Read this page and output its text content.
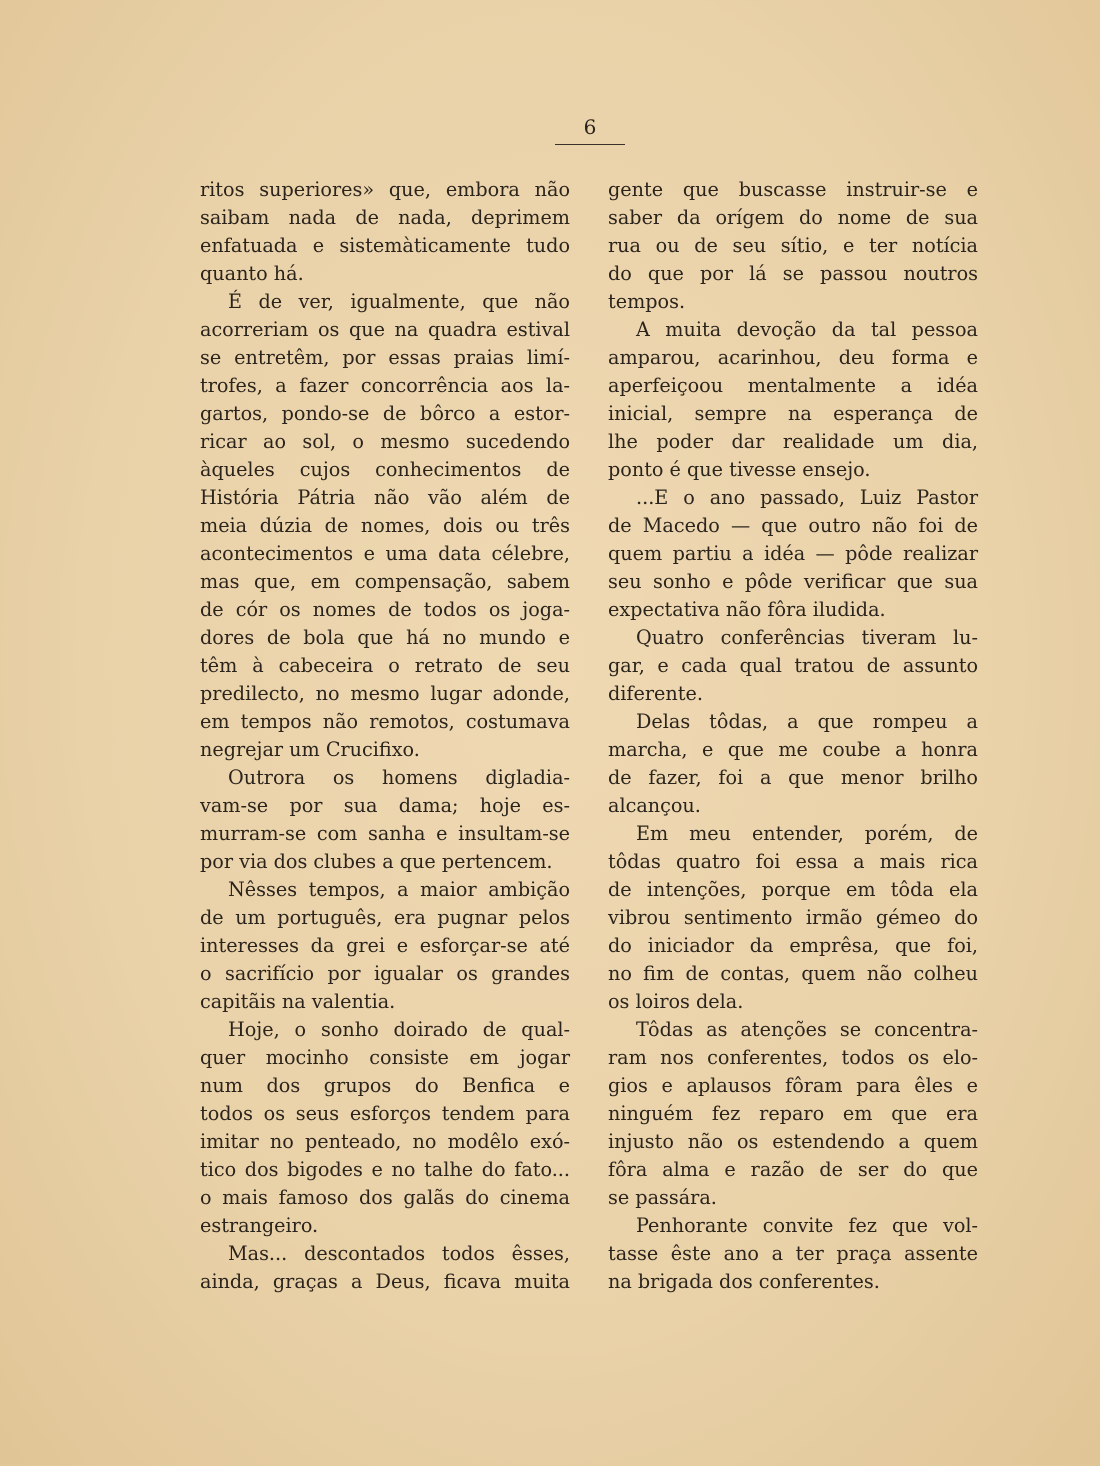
6
ritos superiores» que, embora não
saibam nada de nada, deprimem
enfatuada e sistemàticamente tudo
quanto há.
É de ver, igualmente, que não
acorreriam os que na quadra estival
se entretêm, por essas praias limí-
trofes, a fazer concorrência aos la-
gartos, pondo-se de bôrco a estor-
ricar ao sol, o mesmo sucedendo
àqueles cujos conhecimentos de
História Pátria não vão além de
meia dúzia de nomes, dois ou três
acontecimentos e uma data célebre,
mas que, em compensação, sabem
de cór os nomes de todos os joga-
dores de bola que há no mundo e
têm à cabeceira o retrato de seu
predilecto, no mesmo lugar adonde,
em tempos não remotos, costumava
negrejar um Crucifixo.
Outrora os homens digladia-
vam-se por sua dama; hoje es-
murram-se com sanha e insultam-se
por via dos clubes a que pertencem.
Nêsses tempos, a maior ambição
de um português, era pugnar pelos
interesses da grei e esforçar-se até
o sacrifício por igualar os grandes
capitãis na valentia.
Hoje, o sonho doirado de qual-
quer mocinho consiste em jogar
num dos grupos do Benfica e
todos os seus esforços tendem para
imitar no penteado, no modêlo exó-
tico dos bigodes e no talhe do fato...
o mais famoso dos galãs do cinema
estrangeiro.
Mas... descontados todos êsses,
ainda, graças a Deus, ficava muita
gente que buscasse instruir-se e
saber da orígem do nome de sua
rua ou de seu sítio, e ter notícia
do que por lá se passou noutros
tempos.
A muita devoção da tal pessoa
amparou, acarinhou, deu forma e
aperfeiçoou mentalmente a idéa
inicial, sempre na esperança de
lhe poder dar realidade um dia,
ponto é que tivesse ensejo.
...E o ano passado, Luiz Pastor
de Macedo — que outro não foi de
quem partiu a idéa — pôde realizar
seu sonho e pôde verificar que sua
expectativa não fôra iludida.
Quatro conferências tiveram lu-
gar, e cada qual tratou de assunto
diferente.
Delas tôdas, a que rompeu a
marcha, e que me coube a honra
de fazer, foi a que menor brilho
alcançou.
Em meu entender, porém, de
tôdas quatro foi essa a mais rica
de intenções, porque em tôda ela
vibrou sentimento irmão gémeo do
do iniciador da emprêsa, que foi,
no fim de contas, quem não colheu
os loiros dela.
Tôdas as atenções se concentra-
ram nos conferentes, todos os elo-
gios e aplausos fôram para êles e
ninguém fez reparo em que era
injusto não os estendendo a quem
fôra alma e razão de ser do que
se passára.
Penhorante convite fez que vol-
tasse êste ano a ter praça assente
na brigada dos conferentes.
